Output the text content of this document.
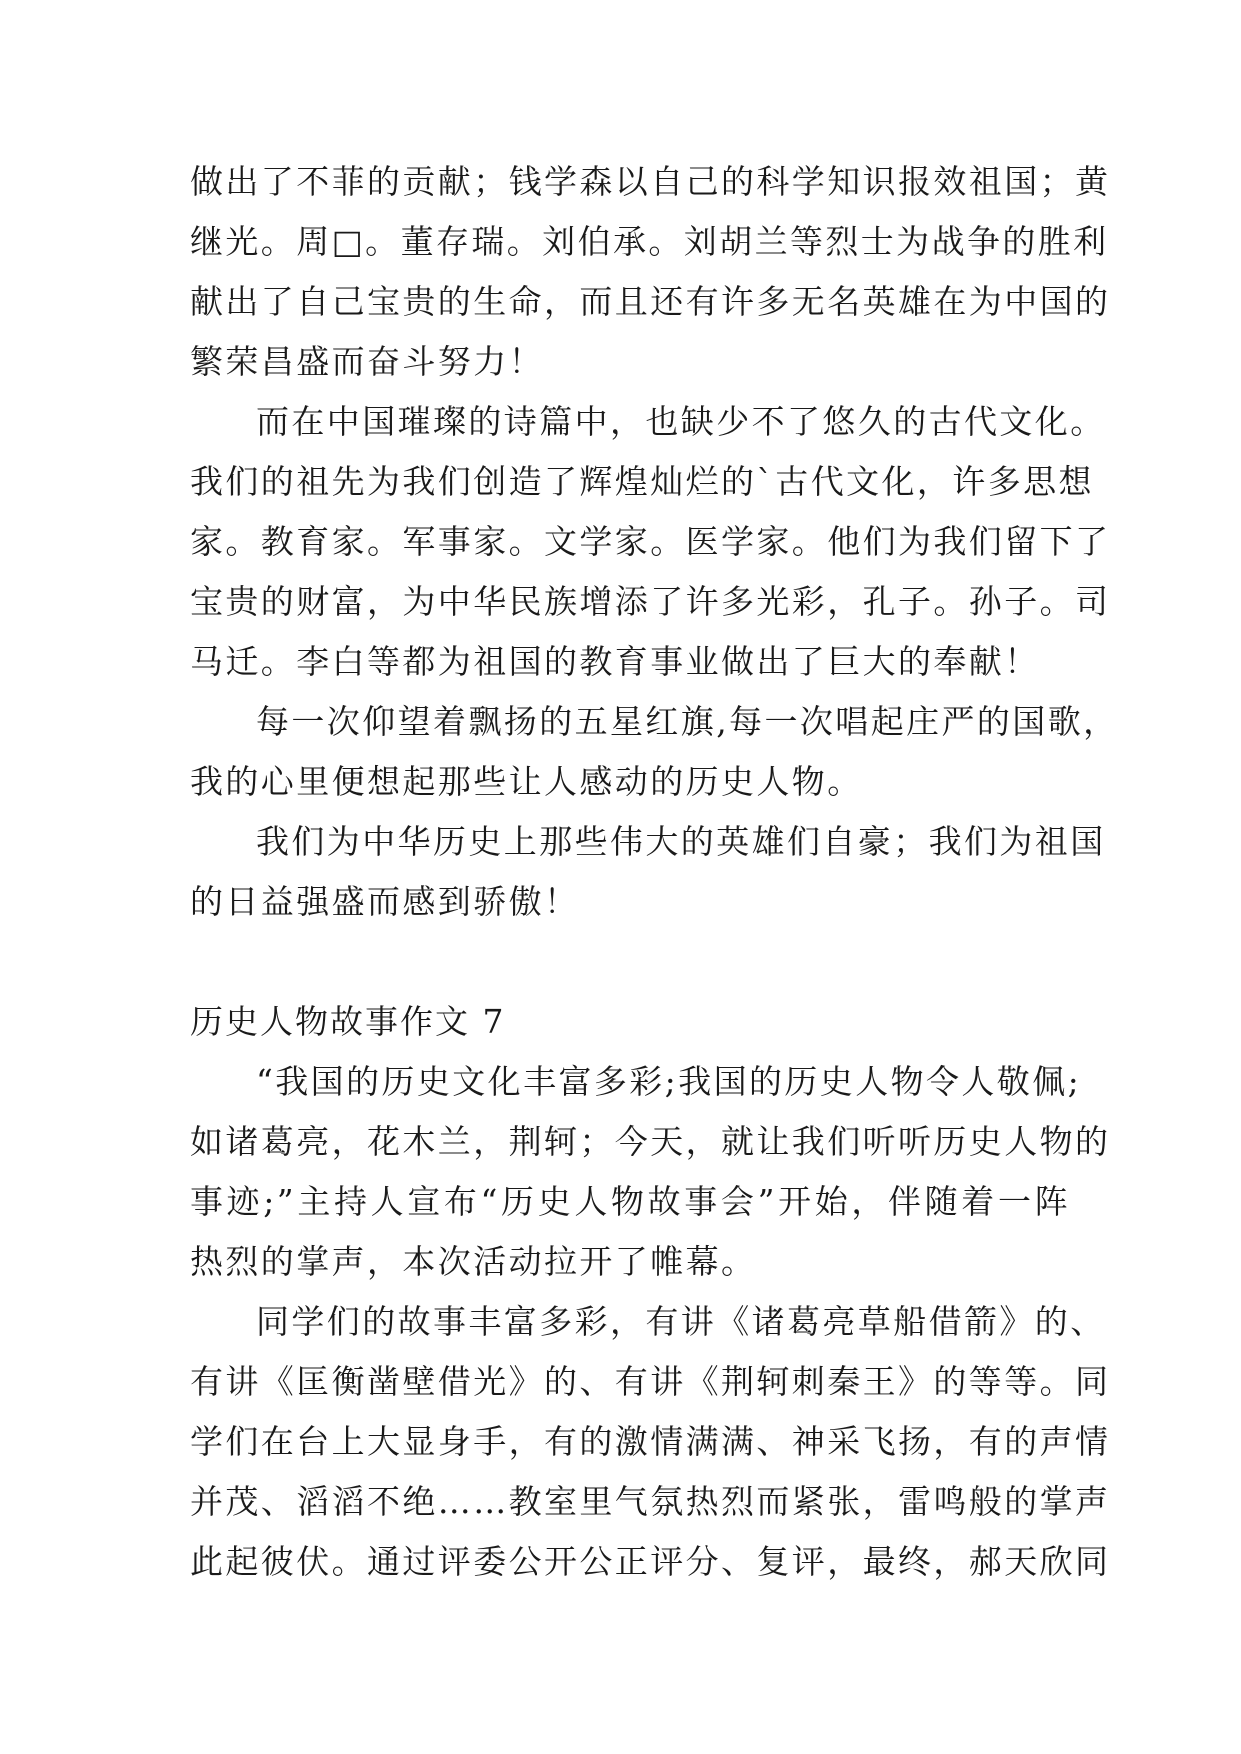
做出了不菲的贡献；钱学森以自己的科学知识报效祖国；黄
继光。周□。董存瑞。刘伯承。刘胡兰等烈士为战争的胜利
献出了自己宝贵的生命，而且还有许多无名英雄在为中国的
繁荣昌盛而奋斗努力！
而在中国璀璨的诗篇中，也缺少不了悠久的古代文化。
我们的祖先为我们创造了辉煌灿烂的`古代文化，许多思想
家。教育家。军事家。文学家。医学家。他们为我们留下了
宝贵的财富，为中华民族增添了许多光彩，孔子。孙子。司
马迁。李白等都为祖国的教育事业做出了巨大的奉献！
每一次仰望着飘扬的五星红旗,每一次唱起庄严的国歌，
我的心里便想起那些让人感动的历史人物。
我们为中华历史上那些伟大的英雄们自豪；我们为祖国
的日益强盛而感到骄傲！
历史人物故事作文 7
“我国的历史文化丰富多彩;我国的历史人物令人敬佩;
如诸葛亮，花木兰，荆轲；今天，就让我们听听历史人物的
事迹;”主持人宣布“历史人物故事会”开始，伴随着一阵
热烈的掌声，本次活动拉开了帷幕。
同学们的故事丰富多彩，有讲《诸葛亮草船借箭》的、
有讲《匡衡凿壁借光》的、有讲《荆轲刺秦王》的等等。同
学们在台上大显身手，有的激情满满、神采飞扬，有的声情
并茂、滔滔不绝……教室里气氛热烈而紧张，雷鸣般的掌声
此起彼伏。通过评委公开公正评分、复评，最终，郝天欣同
